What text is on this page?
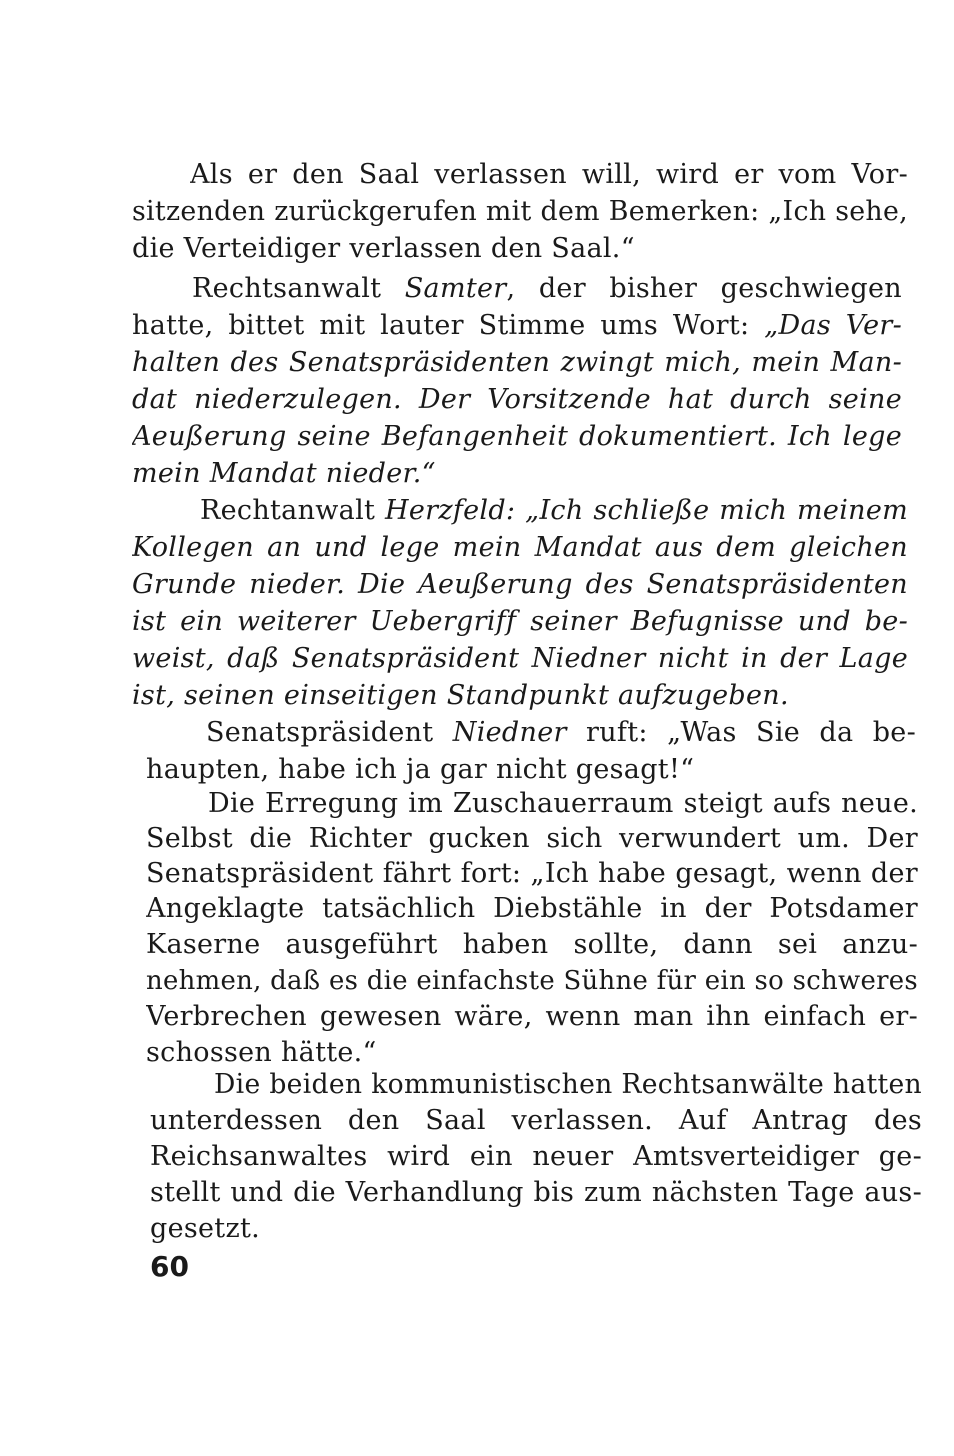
Als er den Saal verlassen will, wird er vom Vor-
sitzenden zurückgerufen mit dem Bemerken: „Ich sehe,
die Verteidiger verlassen den Saal.“
Rechtsanwalt Samter, der bisher geschwiegen
hatte, bittet mit lauter Stimme ums Wort: „Das Ver-
halten des Senatspräsidenten zwingt mich, mein Man-
dat niederzulegen. Der Vorsitzende hat durch seine
Aeußerung seine Befangenheit dokumentiert. Ich lege
mein Mandat nieder.“
Rechtanwalt Herzfeld: „Ich schließe mich meinem
Kollegen an und lege mein Mandat aus dem gleichen
Grunde nieder. Die Aeußerung des Senatspräsidenten
ist ein weiterer Uebergriff seiner Befugnisse und be-
weist, daß Senatspräsident Niedner nicht in der Lage
ist, seinen einseitigen Standpunkt aufzugeben.
Senatspräsident Niedner ruft: „Was Sie da be-
haupten, habe ich ja gar nicht gesagt!“
Die Erregung im Zuschauerraum steigt aufs neue.
Selbst die Richter gucken sich verwundert um. Der
Senatspräsident fährt fort: „Ich habe gesagt, wenn der
Angeklagte tatsächlich Diebstähle in der Potsdamer
Kaserne ausgeführt haben sollte, dann sei anzu-
nehmen, daß es die einfachste Sühne für ein so schweres
Verbrechen gewesen wäre, wenn man ihn einfach er-
schossen hätte.“
Die beiden kommunistischen Rechtsanwälte hatten
unterdessen den Saal verlassen. Auf Antrag des
Reichsanwaltes wird ein neuer Amtsverteidiger ge-
stellt und die Verhandlung bis zum nächsten Tage aus-
gesetzt.
60
